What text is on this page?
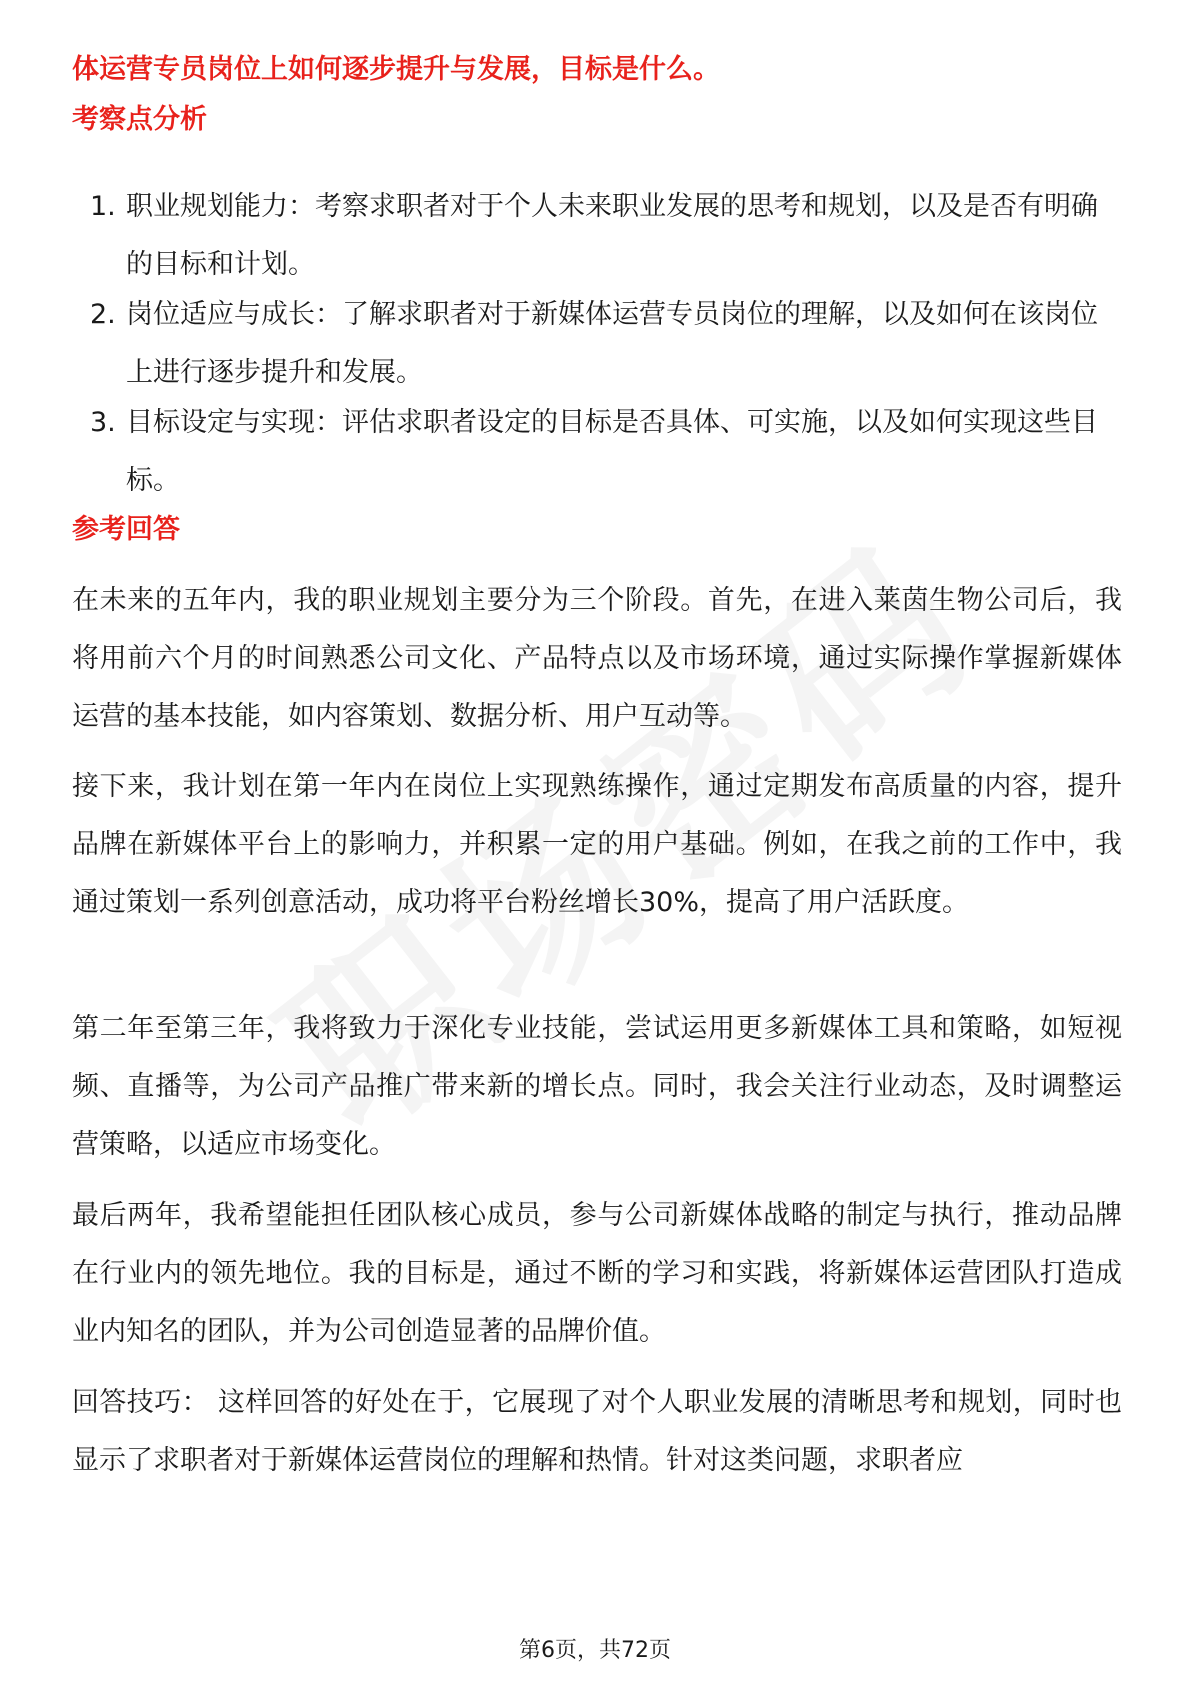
体运营专员岗位上如何逐步提升与发展，目标是什么。

考察点分析

1. 职业规划能力：考察求职者对于个人未来职业发展的思考和规划，以及是否有明确的目标和计划。
2. 岗位适应与成长：了解求职者对于新媒体运营专员岗位的理解，以及如何在该岗位上进行逐步提升和发展。
3. 目标设定与实现：评估求职者设定的目标是否具体、可实施，以及如何实现这些目标。

参考回答

在未来的五年内，我的职业规划主要分为三个阶段。首先，在进入莱茵生物公司后，我将用前六个月的时间熟悉公司文化、产品特点以及市场环境，通过实际操作掌握新媒体运营的基本技能，如内容策划、数据分析、用户互动等。

接下来，我计划在第一年内在岗位上实现熟练操作，通过定期发布高质量的内容，提升品牌在新媒体平台上的影响力，并积累一定的用户基础。例如，在我之前的工作中，我通过策划一系列创意活动，成功将平台粉丝增长30%，提高了用户活跃度。

第二年至第三年，我将致力于深化专业技能，尝试运用更多新媒体工具和策略，如短视频、直播等，为公司产品推广带来新的增长点。同时，我会关注行业动态，及时调整运营策略，以适应市场变化。

最后两年，我希望能担任团队核心成员，参与公司新媒体战略的制定与执行，推动品牌在行业内的领先地位。我的目标是，通过不断的学习和实践，将新媒体运营团队打造成业内知名的团队，并为公司创造显著的品牌价值。

回答技巧： 这样回答的好处在于，它展现了对个人职业发展的清晰思考和规划，同时也显示了求职者对于新媒体运营岗位的理解和热情。针对这类问题，求职者应

第6页，共72页
